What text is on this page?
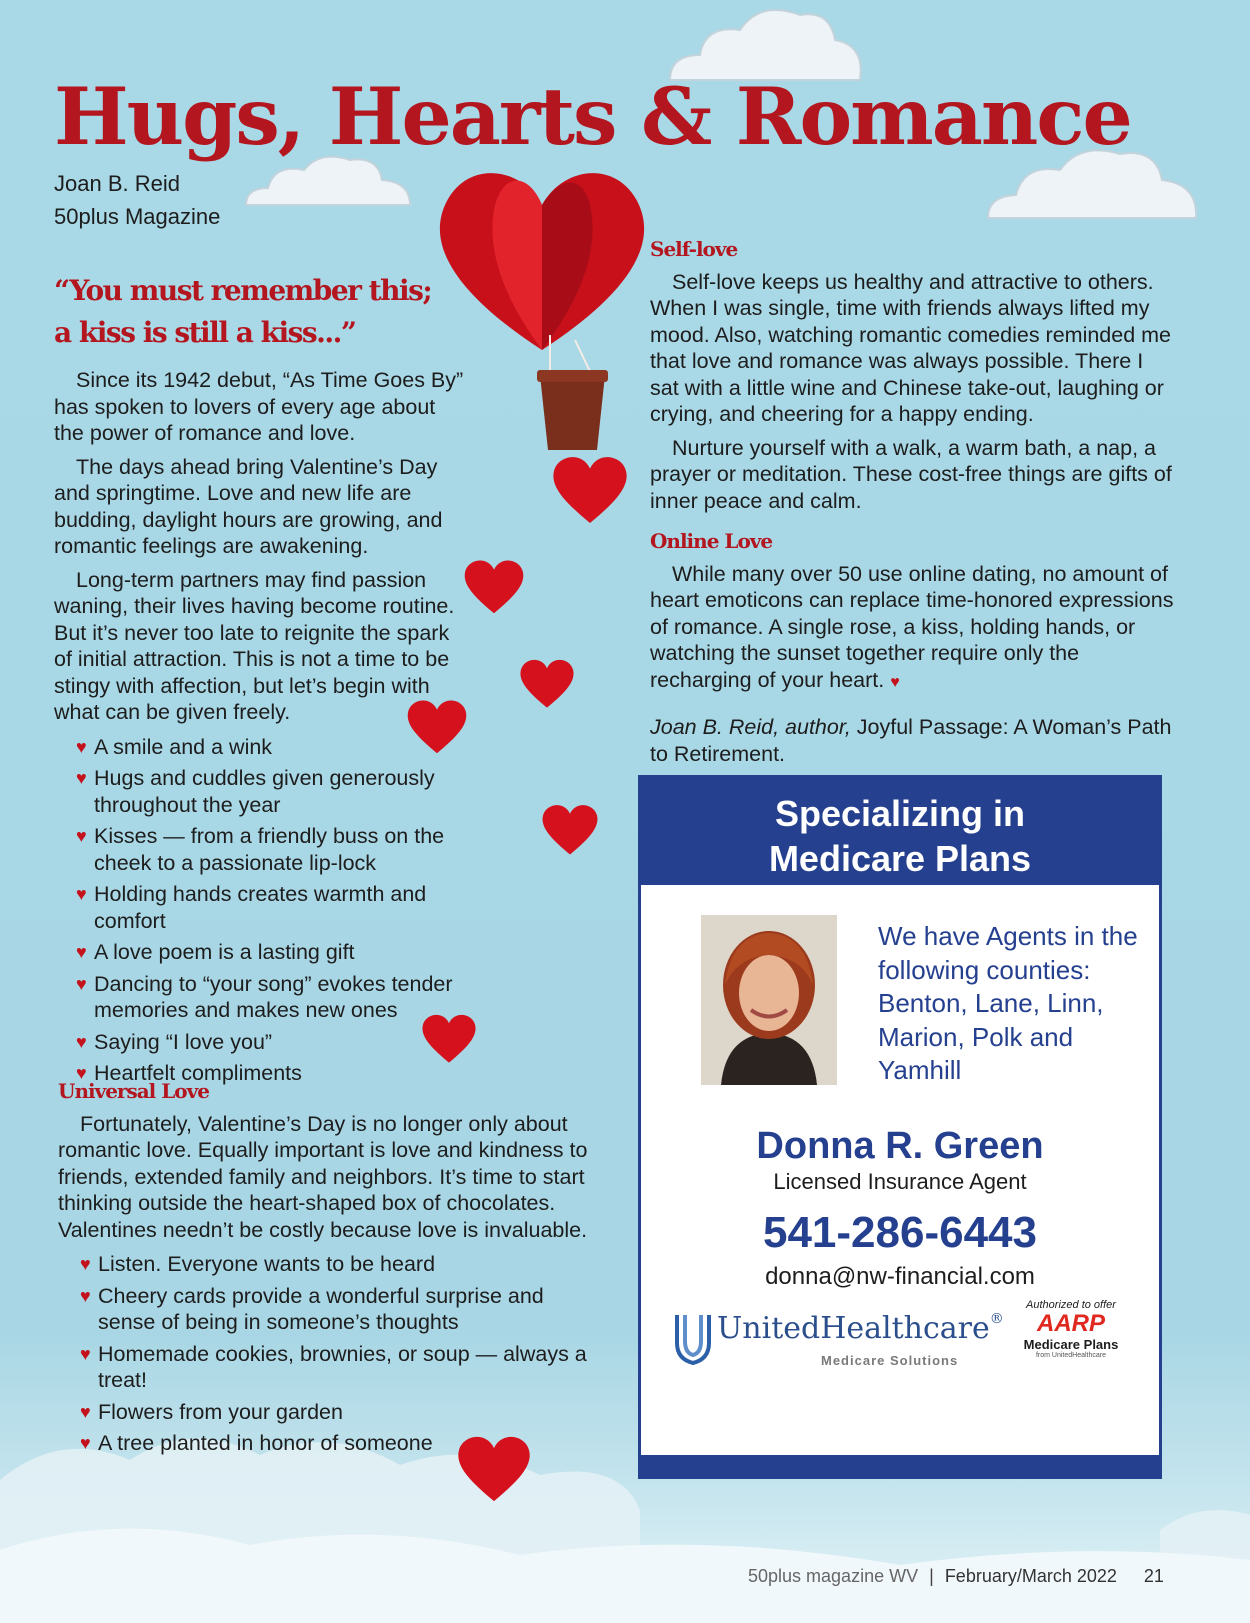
Hugs, Hearts & Romance
Joan B. Reid
50plus Magazine
“You must remember this;
a kiss is still a kiss...”

Since its 1942 debut, “As Time Goes By” has spoken to lovers of every age about the power of romance and love.

The days ahead bring Valentine’s Day and springtime. Love and new life are budding, daylight hours are growing, and romantic feelings are awakening.

Long-term partners may find passion waning, their lives having become routine. But it’s never too late to reignite the spark of initial attraction. This is not a time to be stingy with affection, but let’s begin with what can be given freely.

♥ A smile and a wink
♥ Hugs and cuddles given generously throughout the year
♥ Kisses — from a friendly buss on the cheek to a passionate lip-lock
♥ Holding hands creates warmth and comfort
♥ A love poem is a lasting gift
♥ Dancing to “your song” evokes tender memories and makes new ones
♥ Saying “I love you”
♥ Heartfelt compliments
Universal Love

Fortunately, Valentine’s Day is no longer only about romantic love. Equally important is love and kindness to friends, extended family and neighbors. It’s time to start thinking outside the heart-shaped box of chocolates. Valentines needn’t be costly because love is invaluable.

♥ Listen. Everyone wants to be heard
♥ Cheery cards provide a wonderful surprise and sense of being in someone’s thoughts
♥ Homemade cookies, brownies, or soup — always a treat!
♥ Flowers from your garden
♥ A tree planted in honor of someone
Self-love

Self-love keeps us healthy and attractive to others. When I was single, time with friends always lifted my mood. Also, watching romantic comedies reminded me that love and romance was always possible. There I sat with a little wine and Chinese take-out, laughing or crying, and cheering for a happy ending.

Nurture yourself with a walk, a warm bath, a nap, a prayer or meditation. These cost-free things are gifts of inner peace and calm.

Online Love

While many over 50 use online dating, no amount of heart emoticons can replace time-honored expressions of romance. A single rose, a kiss, holding hands, or watching the sunset together require only the recharging of your heart. ♥

Joan B. Reid, author, Joyful Passage: A Woman’s Path to Retirement.

Specializing in
Medicare Plans
We have Agents in the following counties: Benton, Lane, Linn, Marion, Polk and Yamhill
Donna R. Green
Licensed Insurance Agent
541-286-6443
donna@nw-financial.com
UnitedHealthcare®
Medicare Solutions
Authorized to offer
AARP
Medicare Plans
from UnitedHealthcare
NW Financial Insurance
310 NW 7th St. Corvallis
50plus magazine WV | February/March 2022 21
